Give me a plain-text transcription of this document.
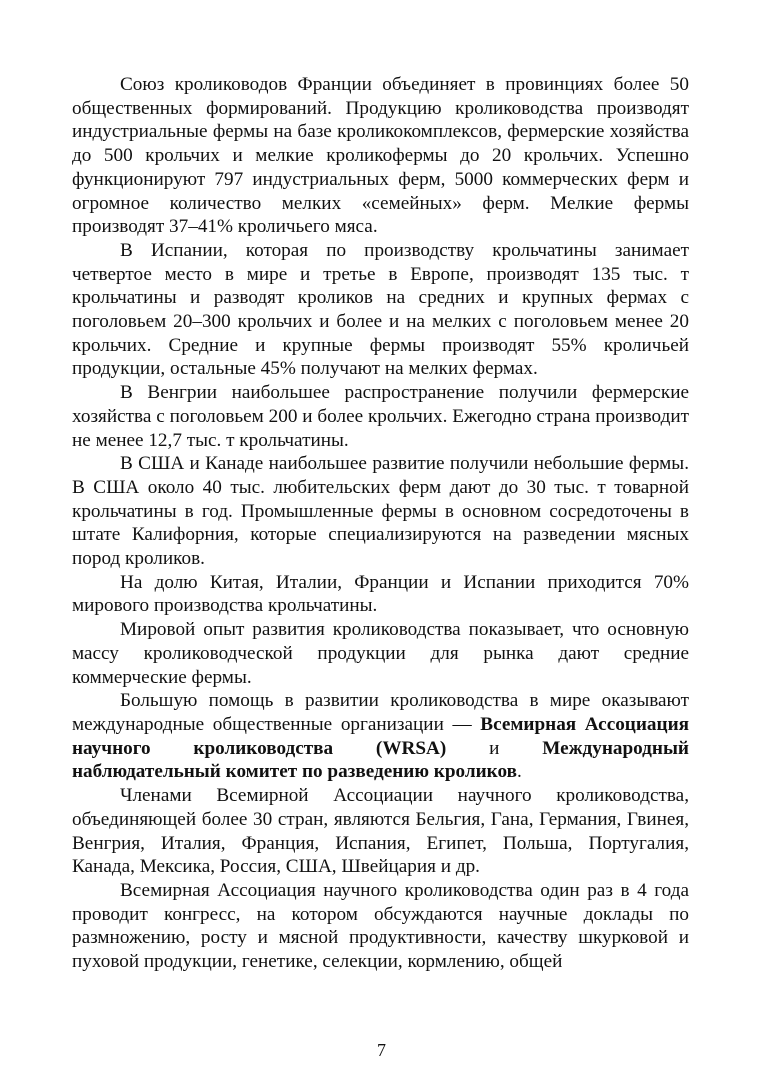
Союз кролиководов Франции объединяет в провинциях более 50 общественных формирований. Продукцию кролиководства производят индустриальные фермы на базе кроликокомплексов, фермерские хозяйства до 500 крольчих и мелкие кроликофермы до 20 крольчих. Успешно функционируют 797 индустриальных ферм, 5000 коммерческих ферм и огромное количество мелких «семейных» ферм. Мелкие фермы производят 37–41% кроличьего мяса.

В Испании, которая по производству крольчатины занимает четвертое место в мире и третье в Европе, производят 135 тыс. т крольчатины и разводят кроликов на средних и крупных фермах с поголовьем 20–300 крольчих и более и на мелких с поголовьем менее 20 крольчих. Средние и крупные фермы производят 55% кроличьей продукции, остальные 45% получают на мелких фермах.

В Венгрии наибольшее распространение получили фермерские хозяйства с поголовьем 200 и более крольчих. Ежегодно страна производит не менее 12,7 тыс. т крольчатины.

В США и Канаде наибольшее развитие получили небольшие фермы. В США около 40 тыс. любительских ферм дают до 30 тыс. т товарной крольчатины в год. Промышленные фермы в основном сосредоточены в штате Калифорния, которые специализируются на разведении мясных пород кроликов.

На долю Китая, Италии, Франции и Испании приходится 70% мирового производства крольчатины.

Мировой опыт развития кролиководства показывает, что основную массу кролиководческой продукции для рынка дают средние коммерческие фермы.

Большую помощь в развитии кролиководства в мире оказывают международные общественные организации — Всемирная Ассоциация научного кролиководства (WRSA) и Международный наблюдательный комитет по разведению кроликов.

Членами Всемирной Ассоциации научного кролиководства, объединяющей более 30 стран, являются Бельгия, Гана, Германия, Гвинея, Венгрия, Италия, Франция, Испания, Египет, Польша, Португалия, Канада, Мексика, Россия, США, Швейцария и др.

Всемирная Ассоциация научного кролиководства один раз в 4 года проводит конгресс, на котором обсуждаются научные доклады по размножению, росту и мясной продуктивности, качеству шкурковой и пуховой продукции, генетике, селекции, кормлению, общей

7
